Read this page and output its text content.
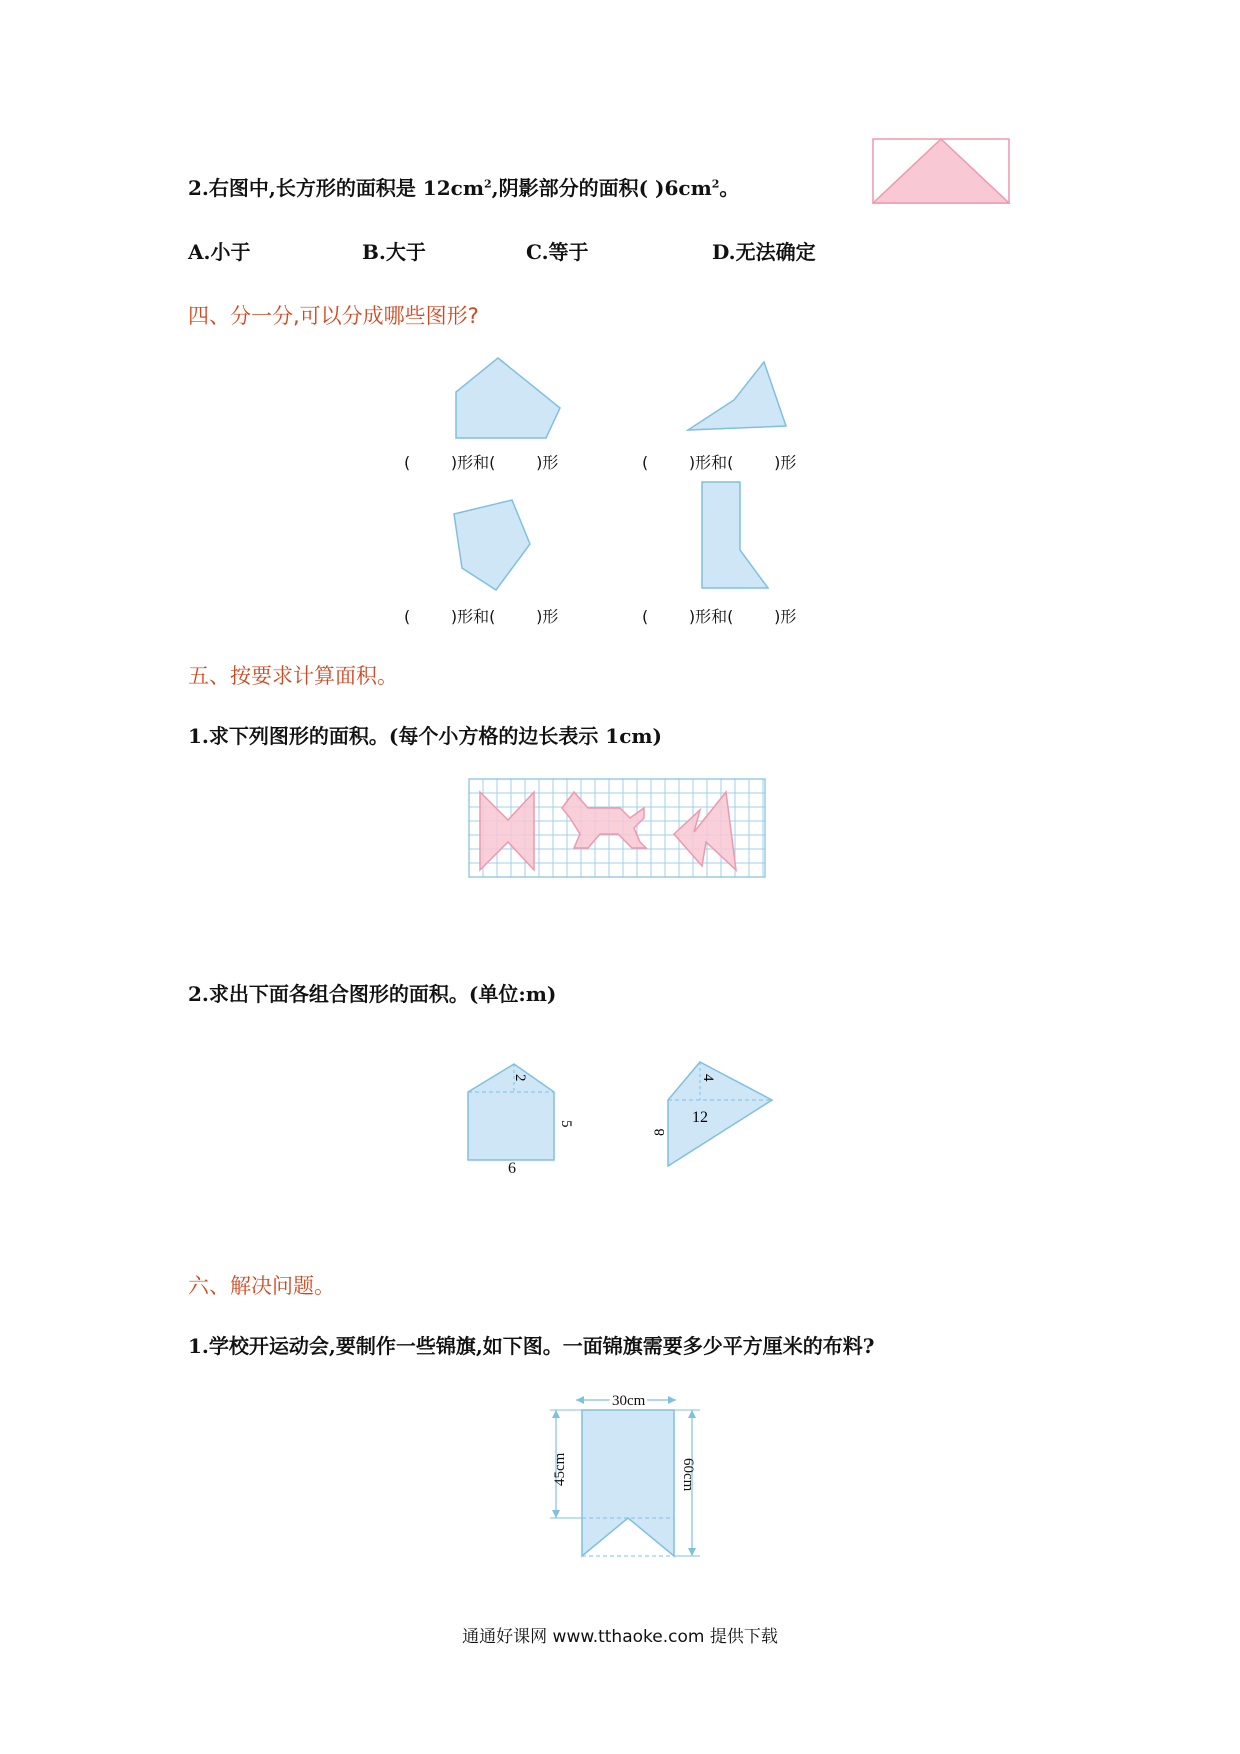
2.右图中,长方形的面积是 $12cm^2$,阴影部分的面积( )$6cm^2$。
A.小于	B.大于	C.等于	D.无法确定
四、分一分,可以分成哪些图形?
(        )形和(        )形	(        )形和(        )形
(        )形和(        )形	(        )形和(        )形
五、按要求计算面积。
1.求下列图形的面积。(每个小方格的边长表示 1cm)
2.求出下面各组合图形的面积。(单位:m)
2
5
6
4
12
8
六、解决问题。
1.学校开运动会,要制作一些锦旗,如下图。一面锦旗需要多少平方厘米的布料?
30cm
45cm	60cm
通通好课网 www.tthaoke.com 提供下载
